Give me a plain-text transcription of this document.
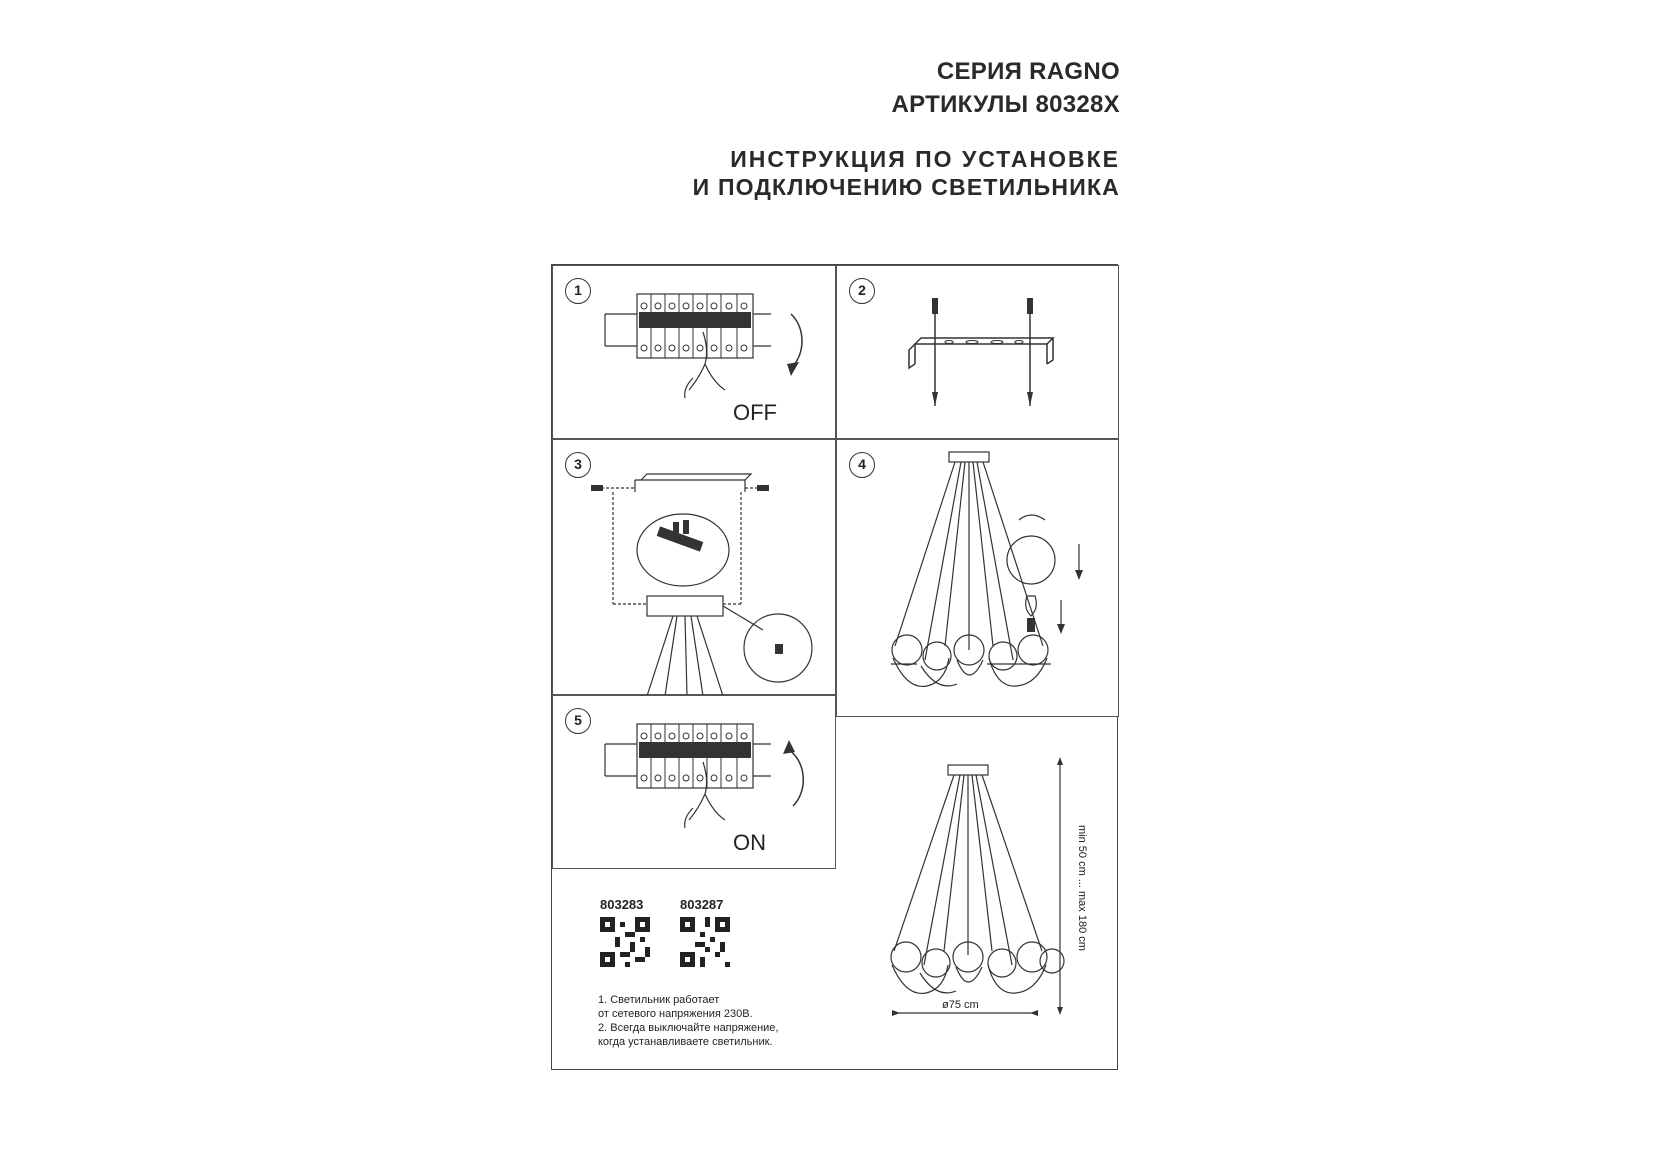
СЕРИЯ RAGNO
АРТИКУЛЫ 80328X
ИНСТРУКЦИЯ ПО УСТАНОВКЕ
И ПОДКЛЮЧЕНИЮ СВЕТИЛЬНИКА
1
OFF
2
3	4
5
ON
ø75 cm
min 50 cm ... max 180 cm
803283	803287
1. Светильник работает
от сетевого напряжения 230В.
2. Всегда выключайте напряжение,
когда устанавливаете светильник.
